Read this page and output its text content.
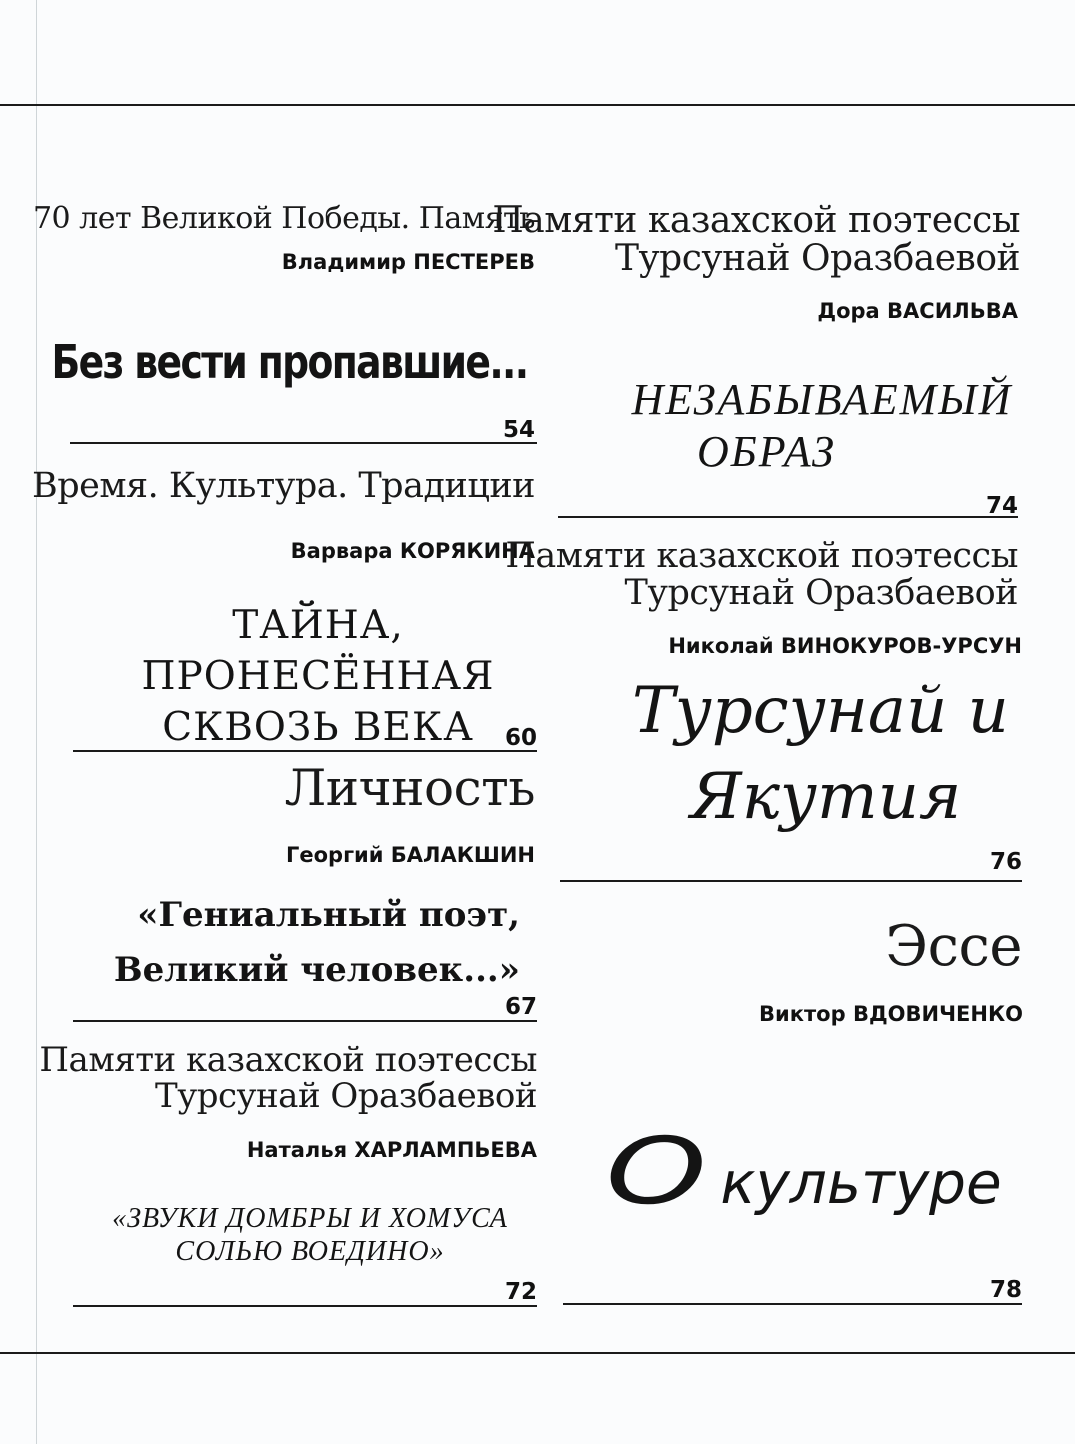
70 лет Великой Победы. Память
Владимир ПЕСТЕРЕВ
Без вести пропавшие...
54
Время. Культура. Традиции
Варвара КОРЯКИНА
ТАЙНА,
ПРОНЕСЁННАЯ
СКВОЗЬ ВЕКА	60
Личность
Георгий БАЛАКШИН
«Гениальный поэт,
Великий человек...»
67
Памяти казахской поэтессы
Турсунай Оразбаевой
Наталья ХАРЛАМПЬЕВА
«ЗВУКИ ДОМБРЫ И ХОМУСА
СОЛЬЮ ВОЕДИНО»
72
Памяти казахской поэтессы
Турсунай Оразбаевой
Дора ВАСИЛЬВА
НЕЗАБЫВАЕМЫЙ
ОБРАЗ
74
Памяти казахской поэтессы
Турсунай Оразбаевой
Николай ВИНОКУРОВ-УРСУН
Турсунай и
Якутия
76
Эссе
Виктор ВДОВИЧЕНКО
Окультуре
78
